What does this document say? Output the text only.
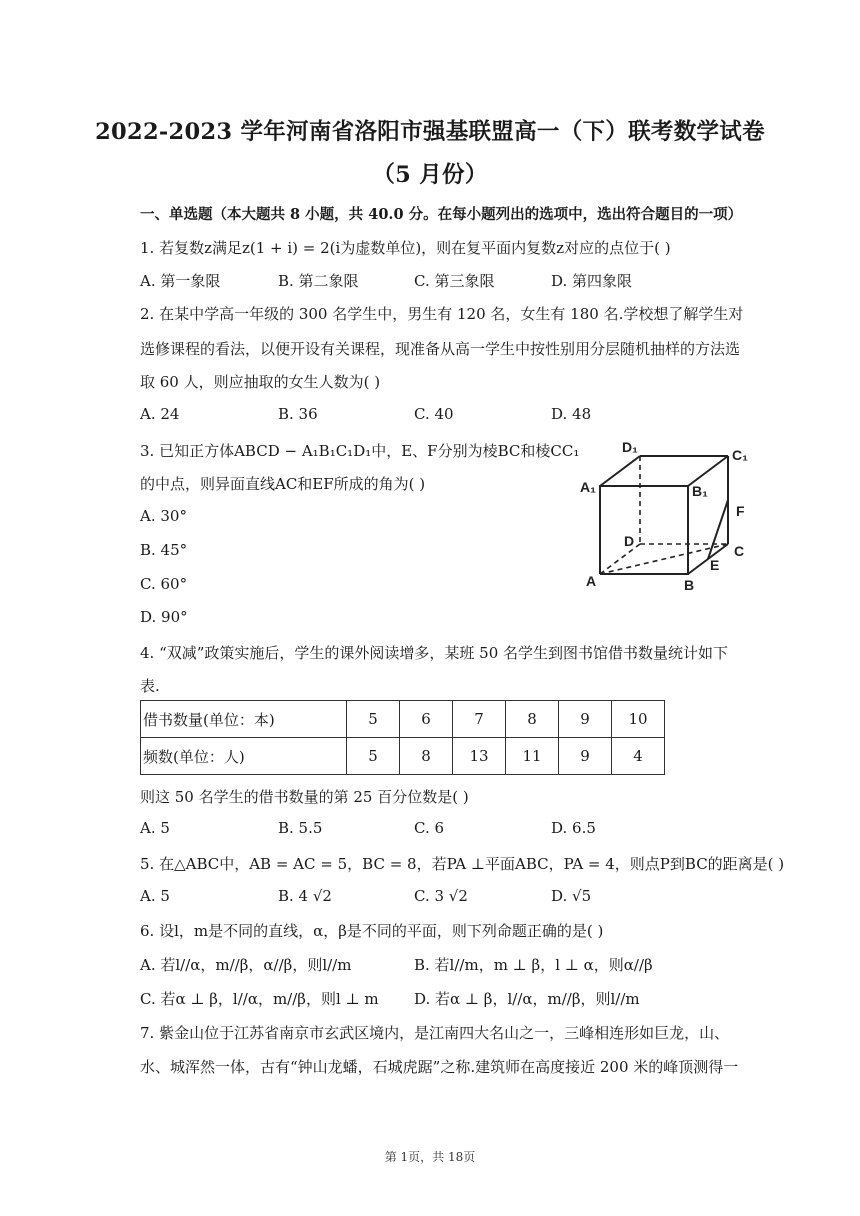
2022-2023 学年河南省洛阳市强基联盟高一（下）联考数学试卷
（5 月份）
一、单选题（本大题共 8 小题，共 40.0 分。在每小题列出的选项中，选出符合题目的一项）
1. 若复数z满足z(1 + i) = 2(i为虚数单位)，则在复平面内复数z对应的点位于( )
A. 第一象限	B. 第二象限	C. 第三象限	D. 第四象限
2. 在某中学高一年级的 300 名学生中，男生有 120 名，女生有 180 名.学校想了解学生对
选修课程的看法，以便开设有关课程，现准备从高一学生中按性别用分层随机抽样的方法选
取 60 人，则应抽取的女生人数为( )
A. 24	B. 36	C. 40	D. 48
3. 已知正方体ABCD − A₁B₁C₁D₁中，E、F分别为棱BC和棱CC₁
的中点，则异面直线AC和EF所成的角为( )
A. 30°
B. 45°
C. 60°
D. 90°
D₁	C₁
A₁	B₁
F
D
C
E
A	B
4. “双减”政策实施后，学生的课外阅读增多，某班 50 名学生到图书馆借书数量统计如下
表.
借书数量(单位：本)	5	6	7	8	9	10
频数(单位：人)	5	8	13	11	9	4
则这 50 名学生的借书数量的第 25 百分位数是( )
A. 5	B. 5.5	C. 6	D. 6.5
5. 在△ABC中，AB = AC = 5，BC = 8，若PA ⊥平面ABC，PA = 4，则点P到BC的距离是( )
A. 5	B. 4 √2	C. 3 √2	D. √5
6. 设l，m是不同的直线，α，β是不同的平面，则下列命题正确的是( )
A. 若l//α，m//β，α//β，则l//m	B. 若l//m，m ⊥ β，l ⊥ α，则α//β
C. 若α ⊥ β，l//α，m//β，则l ⊥ m D. 若α ⊥ β，l//α，m//β，则l//m
7. 紫金山位于江苏省南京市玄武区境内，是江南四大名山之一，三峰相连形如巨龙，山、
水、城浑然一体，古有“钟山龙蟠，石城虎踞”之称.建筑师在高度接近 200 米的峰顶测得一
第 1页，共 18页
